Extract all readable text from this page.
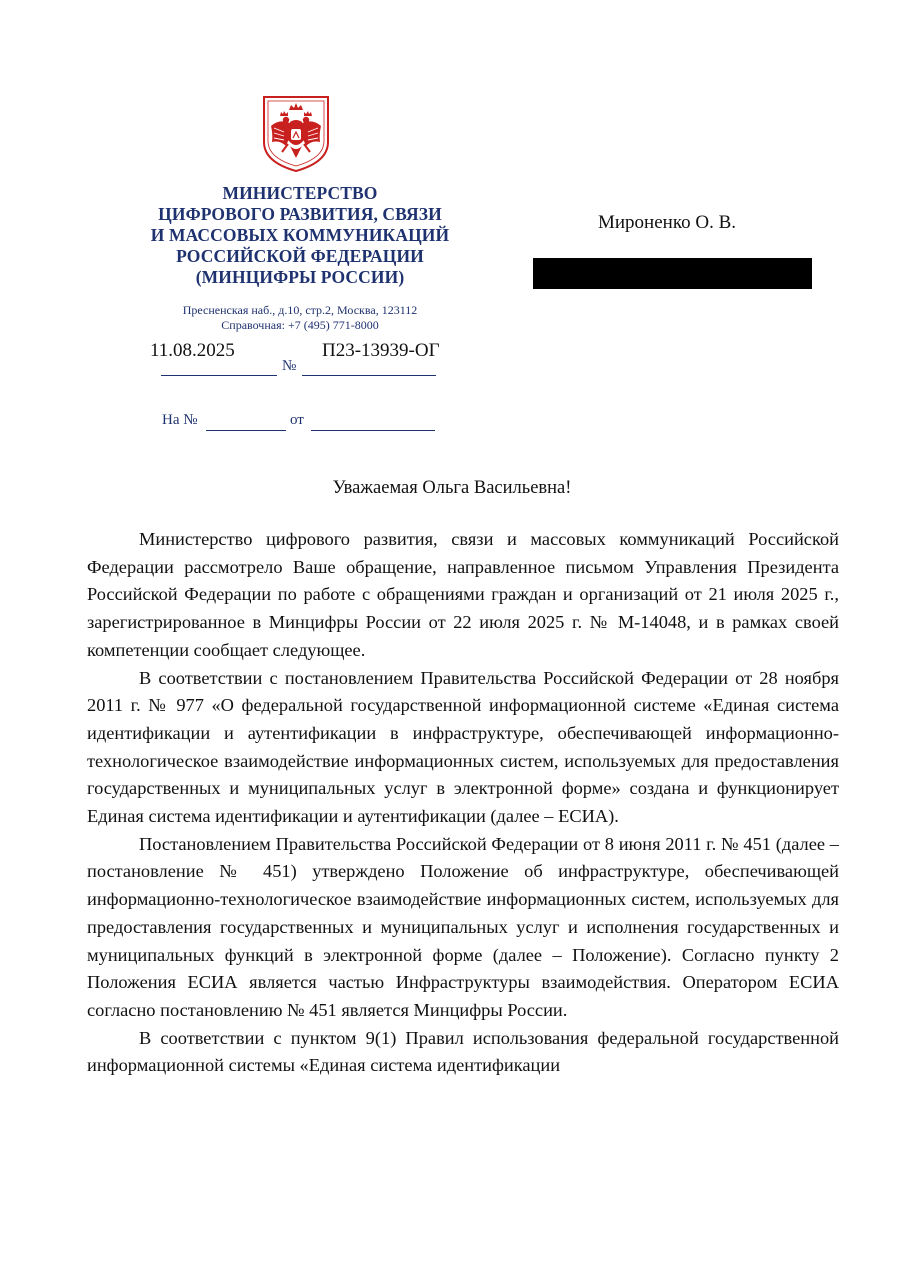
МИНИСТЕРСТВО
ЦИФРОВОГО РАЗВИТИЯ, СВЯЗИ
И МАССОВЫХ КОММУНИКАЦИЙ
РОССИЙСКОЙ ФЕДЕРАЦИИ
(МИНЦИФРЫ РОССИИ)
Пресненская наб., д.10, стр.2, Москва, 123112
Справочная: +7 (495) 771-8000
11.08.2025
№
П23-13939-ОГ
На №	от
Мироненко О. В.
Уважаемая Ольга Васильевна!

Министерство цифрового развития, связи и массовых коммуникаций Российской Федерации рассмотрело Ваше обращение, направленное письмом Управления Президента Российской Федерации по работе с обращениями граждан и организаций от 21 июля 2025 г., зарегистрированное в Минцифры России от 22 июля 2025 г. № М-14048, и в рамках своей компетенции сообщает следующее.

В соответствии с постановлением Правительства Российской Федерации от 28 ноября 2011 г. № 977 «О федеральной государственной информационной системе «Единая система идентификации и аутентификации в инфраструктуре, обеспечивающей информационно-технологическое взаимодействие информационных систем, используемых для предоставления государственных и муниципальных услуг в электронной форме» создана и функционирует Единая система идентификации и аутентификации (далее – ЕСИА).

Постановлением Правительства Российской Федерации от 8 июня 2011 г. № 451 (далее – постановление № 451) утверждено Положение об инфраструктуре, обеспечивающей информационно-технологическое взаимодействие информационных систем, используемых для предоставления государственных и муниципальных услуг и исполнения государственных и муниципальных функций в электронной форме (далее – Положение). Согласно пункту 2 Положения ЕСИА является частью Инфраструктуры взаимодействия. Оператором ЕСИА согласно постановлению № 451 является Минцифры России.

В соответствии с пунктом 9(1) Правил использования федеральной государственной информационной системы «Единая система идентификации
